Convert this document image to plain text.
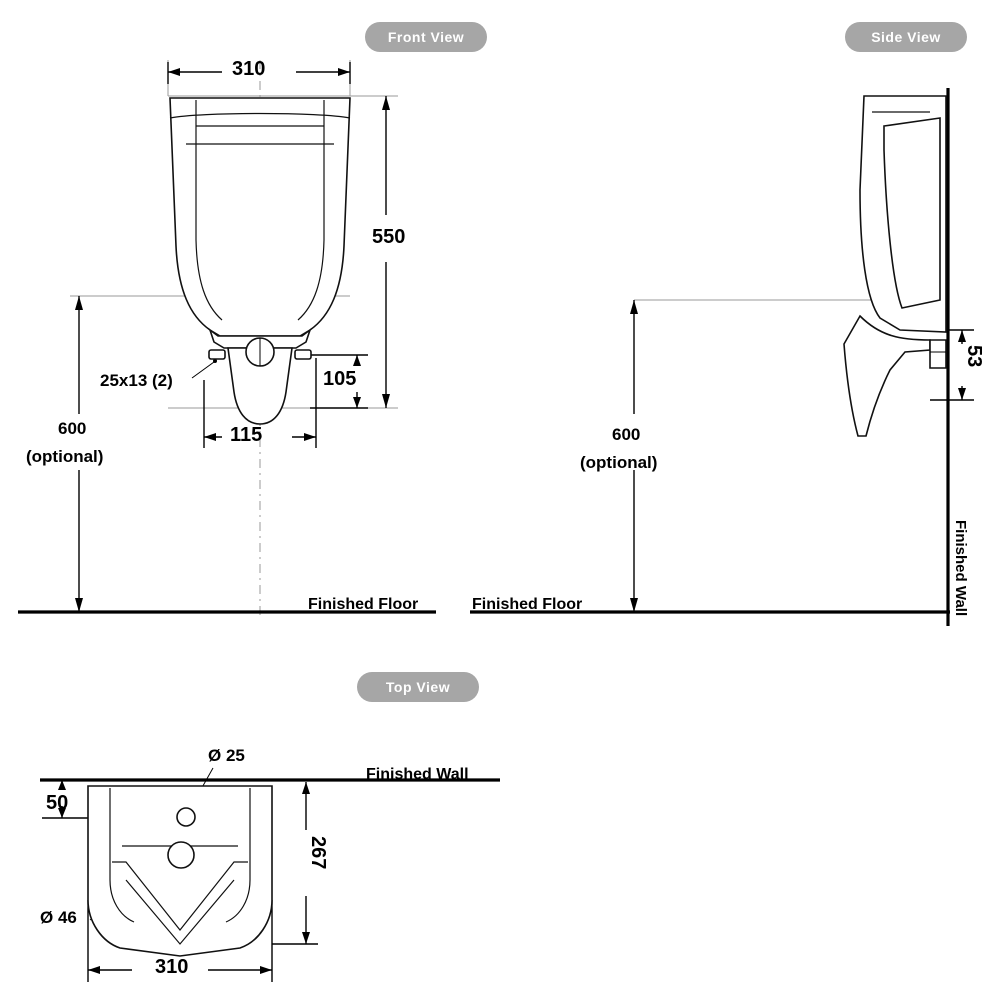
Front View	Side View
Top View
310
550
105
115
25x13 (2)
600
(optional)
Finished Floor
600
(optional)
53
Finished Floor	Finished Wall
Ø 25
Ø 46
50
267
310
Finished Wall
